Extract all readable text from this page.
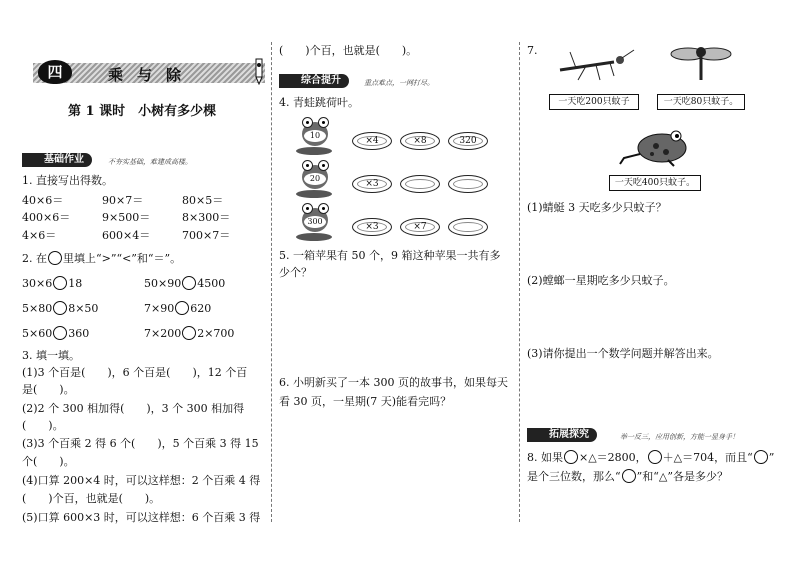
四	乘与除
第 1 课时　小树有多少棵
基础作业	不夯实基础，难建成高楼。
1. 直接写出得数。
40×6＝	90×7＝	80×5＝
400×6＝	9×500＝	8×300＝
4×6＝	600×4＝	700×7＝
2. 在 里填上“>”“<”和“＝”。
30×6 18	50×90 4500
5×80 8×50	7×90 620
5×60 360	7×200 2×700
3. 填一填。
(1)3 个百是(　　)，6 个百是(　　)，12 个百
是(　　)。
(2)2 个 300 相加得(　　)，3 个 300 相加得
(　　)。
(3)3 个百乘 2 得 6 个(　　)，5 个百乘 3 得 15
个(　　)。
(4)口算 200×4 时，可以这样想：2 个百乘 4 得
(　　)个百，也就是(　　)。
(5)口算 600×3 时，可以这样想：6 个百乘 3 得
(　　)个百，也就是(　　)。
综合提升	重点难点，一网打尽。
4. 青蛙跳荷叶。
10
×4	×8	320
20
×3
300
×3	×7
5. 一箱苹果有 50 个，9 箱这种苹果一共有多
少个？
6. 小明新买了一本 300 页的故事书，如果每天
看 30 页，一星期(7 天)能看完吗？
7.
一天吃200只蚊子	一天吃80只蚊子。
一天吃400只蚊子。
(1)蜻蜓 3 天吃多少只蚊子？
(2)螳螂一星期吃多少只蚊子。
(3)请你提出一个数学问题并解答出来。
拓展探究	举一反三，应用创新，方能一显身手！
8. 如果 ×△＝2800， ＋△＝704，而且“ ”
是个三位数，那么“ ”和“△”各是多少？
